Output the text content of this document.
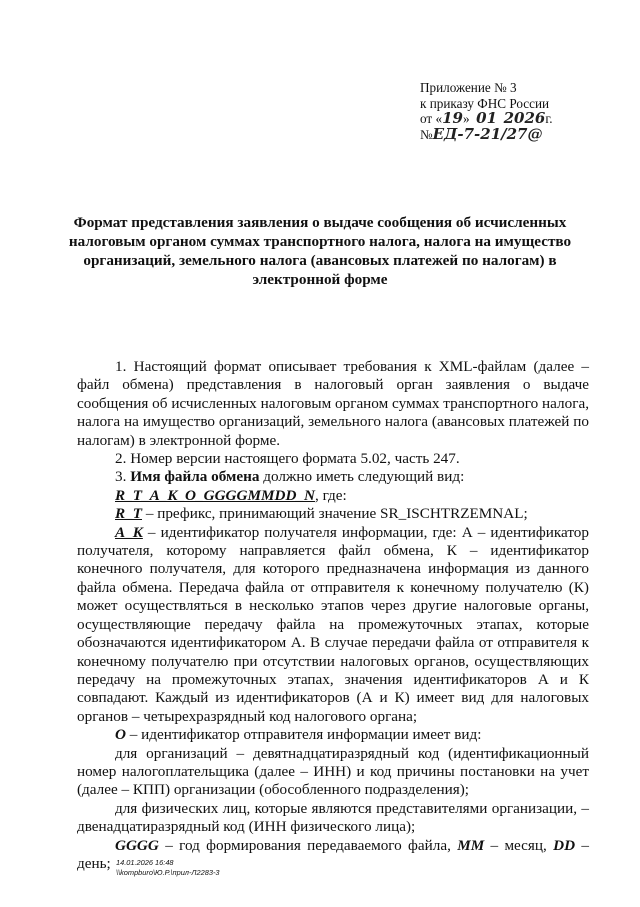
Приложение № 3
к приказу ФНС России
от «19» 01 2026г.
№ЕД-7-21/27@
Формат представления заявления о выдаче сообщения об исчисленных налоговым органом суммах транспортного налога, налога на имущество организаций, земельного налога (авансовых платежей по налогам) в электронной форме

1. Настоящий формат описывает требования к XML-файлам (далее – файл обмена) представления в налоговый орган заявления о выдаче сообщения об исчисленных налоговым органом суммах транспортного налога, налога на имущество организаций, земельного налога (авансовых платежей по налогам) в электронной форме.

2. Номер версии настоящего формата 5.02, часть 247.

3. Имя файла обмена должно иметь следующий вид:

R_T_A_K_O_GGGGMMDD_N, где:

R_T – префикс, принимающий значение SR_ISCHTRZEMNAL;

A_K – идентификатор получателя информации, где: А – идентификатор получателя, которому направляется файл обмена, К – идентификатор конечного получателя, для которого предназначена информация из данного файла обмена. Передача файла от отправителя к конечному получателю (К) может осуществляться в несколько этапов через другие налоговые органы, осуществляющие передачу файла на промежуточных этапах, которые обозначаются идентификатором А. В случае передачи файла от отправителя к конечному получателю при отсутствии налоговых органов, осуществляющих передачу на промежуточных этапах, значения идентификаторов А и К совпадают. Каждый из идентификаторов (А и К) имеет вид для налоговых органов – четырехразрядный код налогового органа;

O – идентификатор отправителя информации имеет вид:

для организаций – девятнадцатиразрядный код (идентификационный номер налогоплательщика (далее – ИНН) и код причины постановки на учет (далее – КПП) организации (обособленного подразделения);

для физических лиц, которые являются представителями организации, – двенадцатиразрядный код (ИНН физического лица);

GGGG – год формирования передаваемого файла, MM – месяц, DD – день; 14.01.2026 16:48
\\kompburo\Ю.Р.\прил-Л2283-3
